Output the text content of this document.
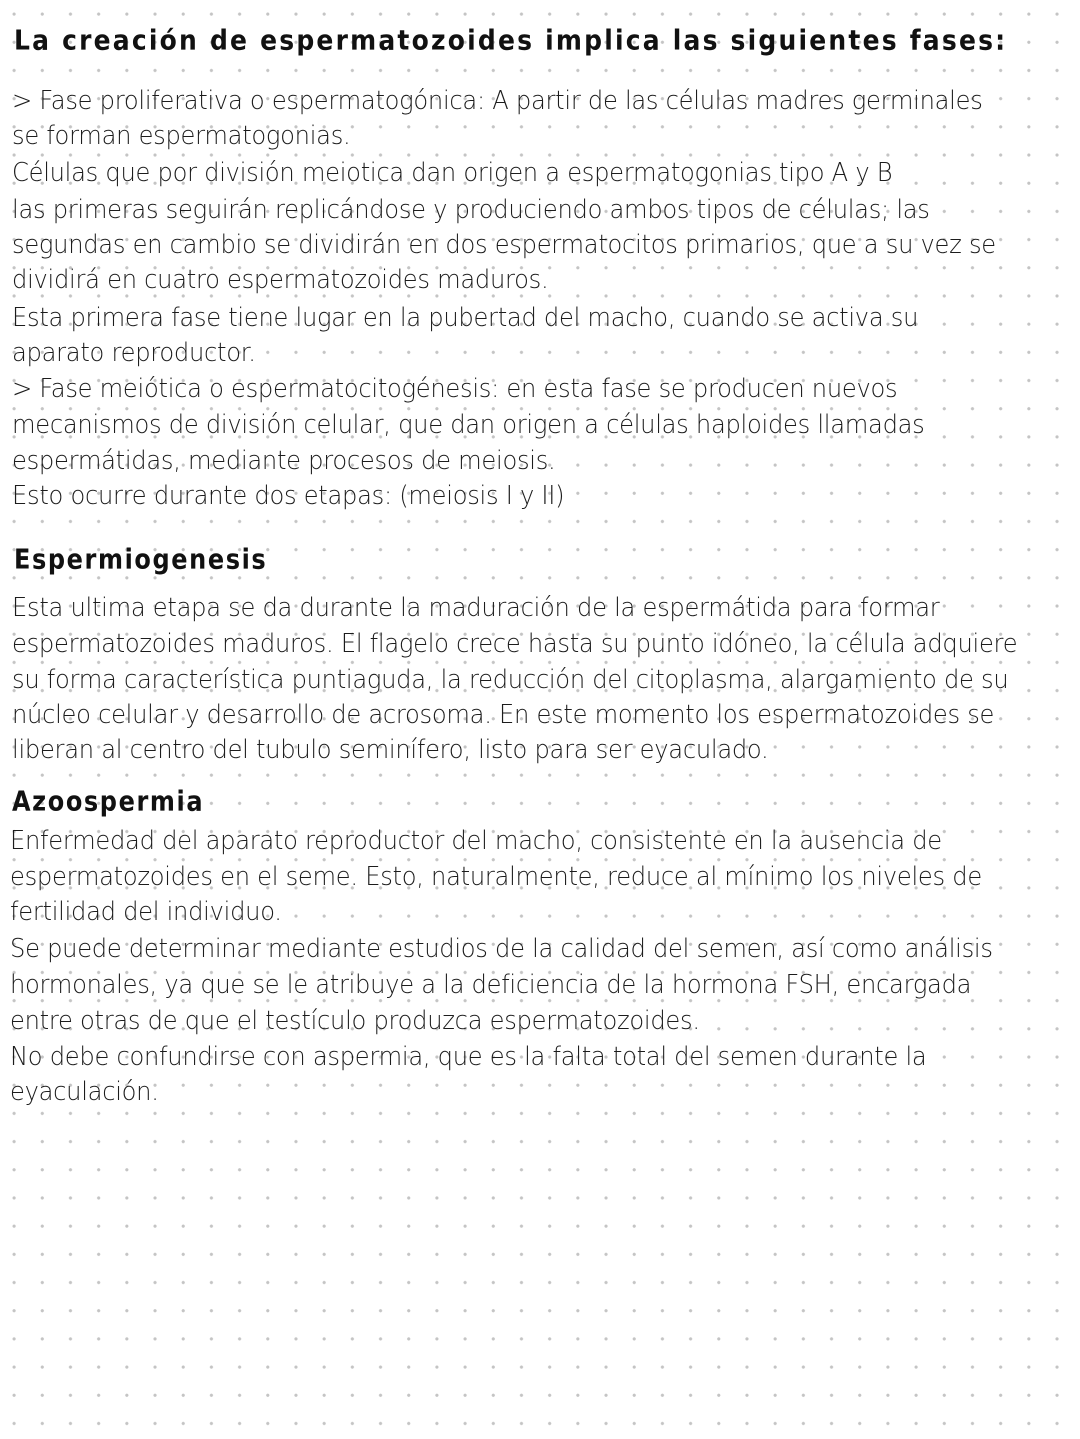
La creación de espermatozoides implica las siguientes fases:
> Fase proliferativa o espermatogónica: A partir de las células madres germinales
se forman espermatogonias.
Células que por división meiotica dan origen a espermatogonias tipo A y B
las primeras seguirán replicándose y produciendo ambos tipos de células; las
segundas en cambio se dividirán en dos espermatocitos primarios, que a su vez se
dividirá en cuatro espermatozoides maduros.
Esta primera fase tiene lugar en la pubertad del macho, cuando se activa su
aparato reproductor.
> Fase meiótica o espermatocitogénesis: en esta fase se producen nuevos
mecanismos de división celular, que dan origen a células haploides llamadas
espermátidas, mediante procesos de meiosis.
Esto ocurre durante dos etapas: (meiosis I y II)
Espermiogenesis
Esta ultima etapa se da durante la maduración de la espermátida para formar
espermatozoides maduros. El flagelo crece hasta su punto idóneo, la célula adquiere
su forma característica puntiaguda, la reducción del citoplasma, alargamiento de su
núcleo celular y desarrollo de acrosoma. En este momento los espermatozoides se
liberan al centro del tubulo seminífero, listo para ser eyaculado.
Azoospermia
Enfermedad del aparato reproductor del macho, consistente en la ausencia de
espermatozoides en el seme. Esto, naturalmente, reduce al mínimo los niveles de
fertilidad del individuo.
Se puede determinar mediante estudios de la calidad del semen, así como análisis
hormonales, ya que se le atribuye a la deficiencia de la hormona FSH, encargada
entre otras de que el testículo produzca espermatozoides.
No debe confundirse con aspermia, que es la falta total del semen durante la
eyaculación.
